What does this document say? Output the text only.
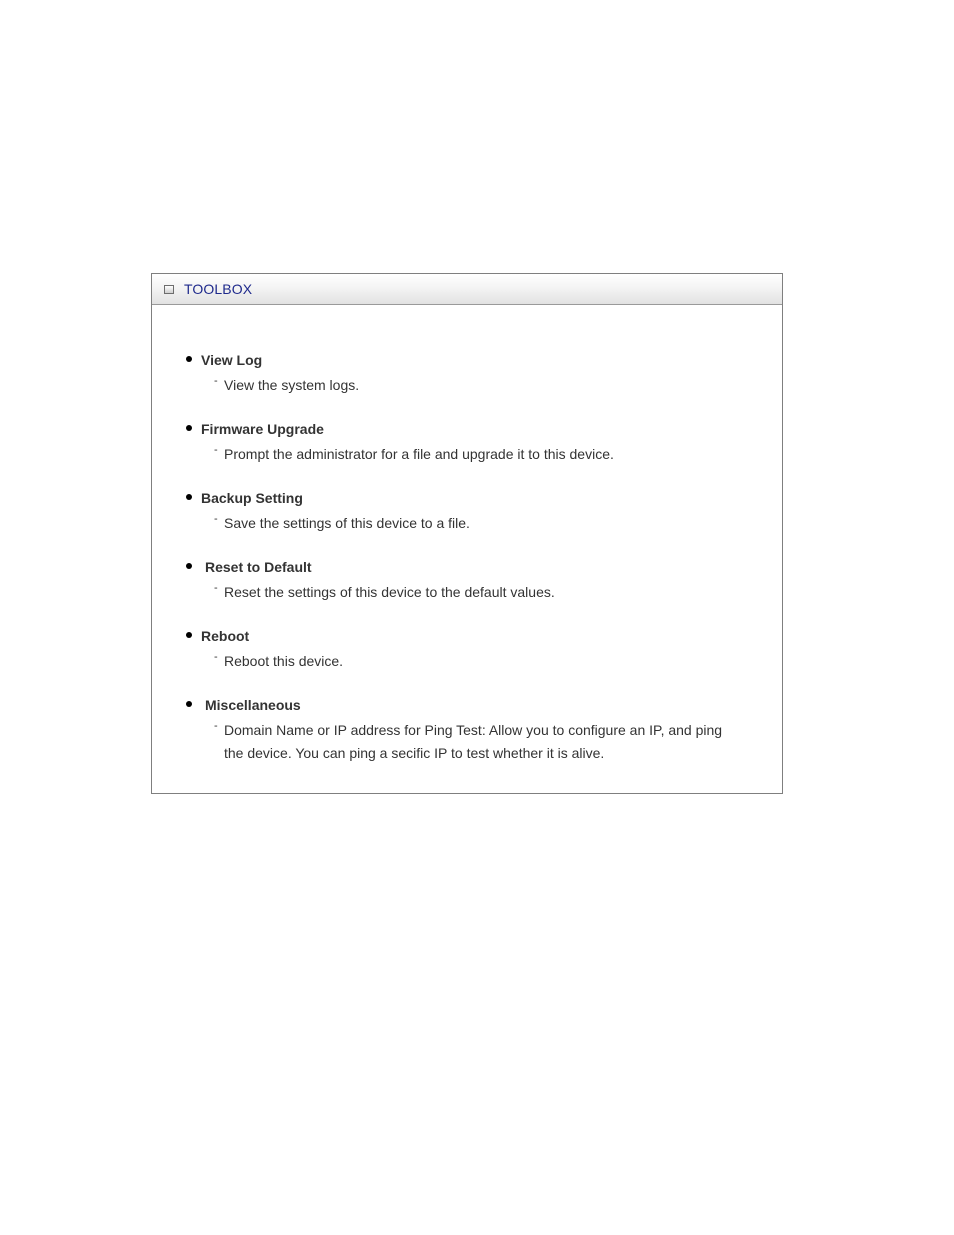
TOOLBOX
View Log
- View the system logs.
Firmware Upgrade
- Prompt the administrator for a file and upgrade it to this device.
Backup Setting
- Save the settings of this device to a file.
Reset to Default
- Reset the settings of this device to the default values.
Reboot
- Reboot this device.
Miscellaneous
- Domain Name or IP address for Ping Test: Allow you to configure an IP, and ping
the device. You can ping a secific IP to test whether it is alive.
